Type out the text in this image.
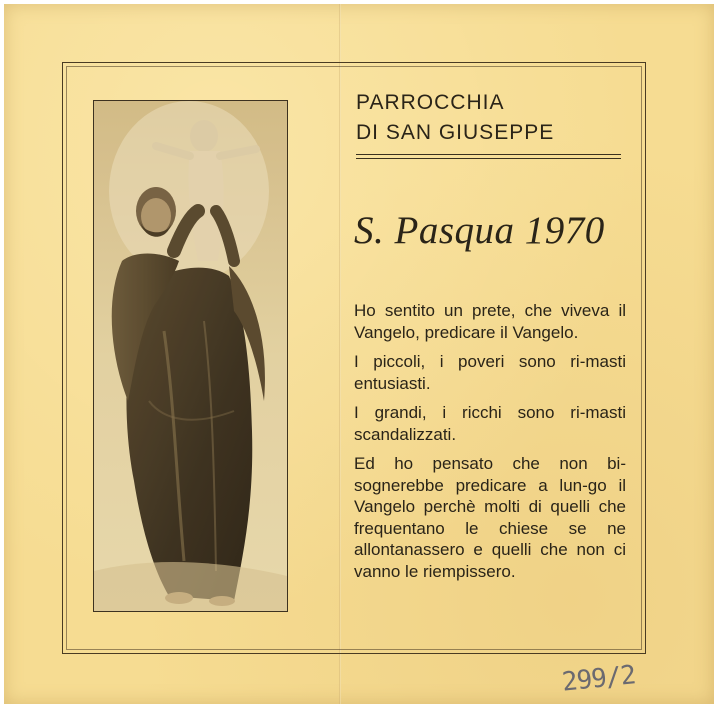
PARROCCHIA
DI SAN GIUSEPPE
S. Pasqua 1970

Ho sentito un prete, che viveva il Vangelo, predicare il Vangelo.

I piccoli, i poveri sono ri-masti entusiasti.

I grandi, i ricchi sono ri-masti scandalizzati.

Ed ho pensato che non bi-sognerebbe predicare a lun-go il Vangelo perchè molti di quelli che frequentano le chiese se ne allontanassero e quelli che non ci vanno le riempissero.

299/2
